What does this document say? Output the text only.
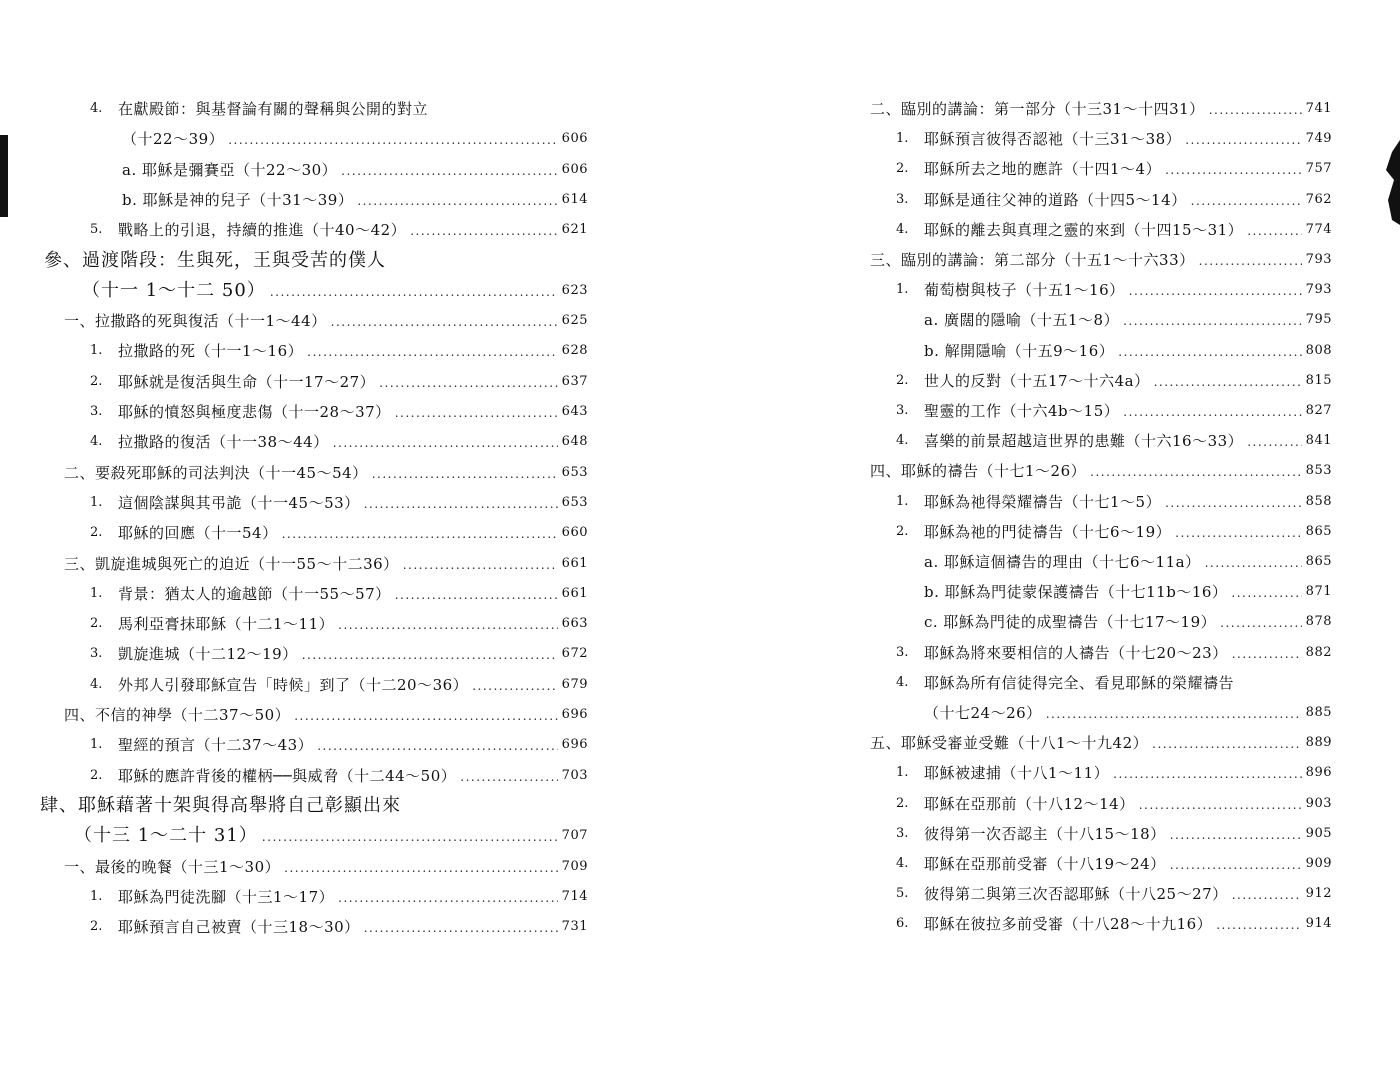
4.	在獻殿節：與基督論有關的聲稱與公開的對立
（十22～39） .....	606
a. 耶穌是彌賽亞（十22～30） .....	606
b. 耶穌是神的兒子（十31～39） .....	614
5.	戰略上的引退，持續的推進（十40～42） .....	621
參、過渡階段：生與死，王與受苦的僕人
（十一 1～十二 50） .....	623
一、拉撒路的死與復活（十一1～44） .....	625
1.	拉撒路的死（十一1～16） .....	628
2.	耶穌就是復活與生命（十一17～27） .....	637
3.	耶穌的憤怒與極度悲傷（十一28～37） .....	643
4.	拉撒路的復活（十一38～44） .....	648
二、要殺死耶穌的司法判決（十一45～54） .....	653
1.	這個陰謀與其弔詭（十一45～53） .....	653
2.	耶穌的回應（十一54） .....	660
三、凱旋進城與死亡的迫近（十一55～十二36） .....	661
1.	背景：猶太人的逾越節（十一55～57） .....	661
2.	馬利亞膏抹耶穌（十二1～11） .....	663
3.	凱旋進城（十二12～19） .....	672
4.	外邦人引發耶穌宣告「時候」到了（十二20～36） .....	679
四、不信的神學（十二37～50） .....	696
1.	聖經的預言（十二37～43） .....	696
2.	耶穌的應許背後的權柄──與威脅（十二44～50） .....	703
肆、耶穌藉著十架與得高舉將自己彰顯出來
（十三 1～二十 31） .....	707
一、最後的晚餐（十三1～30） .....	709
1.	耶穌為門徒洗腳（十三1～17） .....	714
2.	耶穌預言自己被賣（十三18～30） .....	731
二、臨別的講論：第一部分（十三31～十四31） .....	741
1.	耶穌預言彼得否認祂（十三31～38） .....	749
2.	耶穌所去之地的應許（十四1～4） .....	757
3.	耶穌是通往父神的道路（十四5～14） .....	762
4.	耶穌的離去與真理之靈的來到（十四15～31） .....	774
三、臨別的講論：第二部分（十五1～十六33） .....	793
1.	葡萄樹與枝子（十五1～16） .....	793
a. 廣闊的隱喻（十五1～8） .....	795
b. 解開隱喻（十五9～16） .....	808
2.	世人的反對（十五17～十六4a） .....	815
3.	聖靈的工作（十六4b～15） .....	827
4.	喜樂的前景超越這世界的患難（十六16～33） .....	841
四、耶穌的禱告（十七1～26） .....	853
1.	耶穌為祂得榮耀禱告（十七1～5） .....	858
2.	耶穌為祂的門徒禱告（十七6～19） .....	865
a. 耶穌這個禱告的理由（十七6～11a） .....	865
b. 耶穌為門徒蒙保護禱告（十七11b～16） .....	871
c. 耶穌為門徒的成聖禱告（十七17～19） .....	878
3.	耶穌為將來要相信的人禱告（十七20～23） .....	882
4.	耶穌為所有信徒得完全、看見耶穌的榮耀禱告
（十七24～26） .....	885
五、耶穌受審並受難（十八1～十九42） .....	889
1.	耶穌被逮捕（十八1～11） .....	896
2.	耶穌在亞那前（十八12～14） .....	903
3.	彼得第一次否認主（十八15～18） .....	905
4.	耶穌在亞那前受審（十八19～24） .....	909
5.	彼得第二與第三次否認耶穌（十八25～27） .....	912
6.	耶穌在彼拉多前受審（十八28～十九16） .....	914
